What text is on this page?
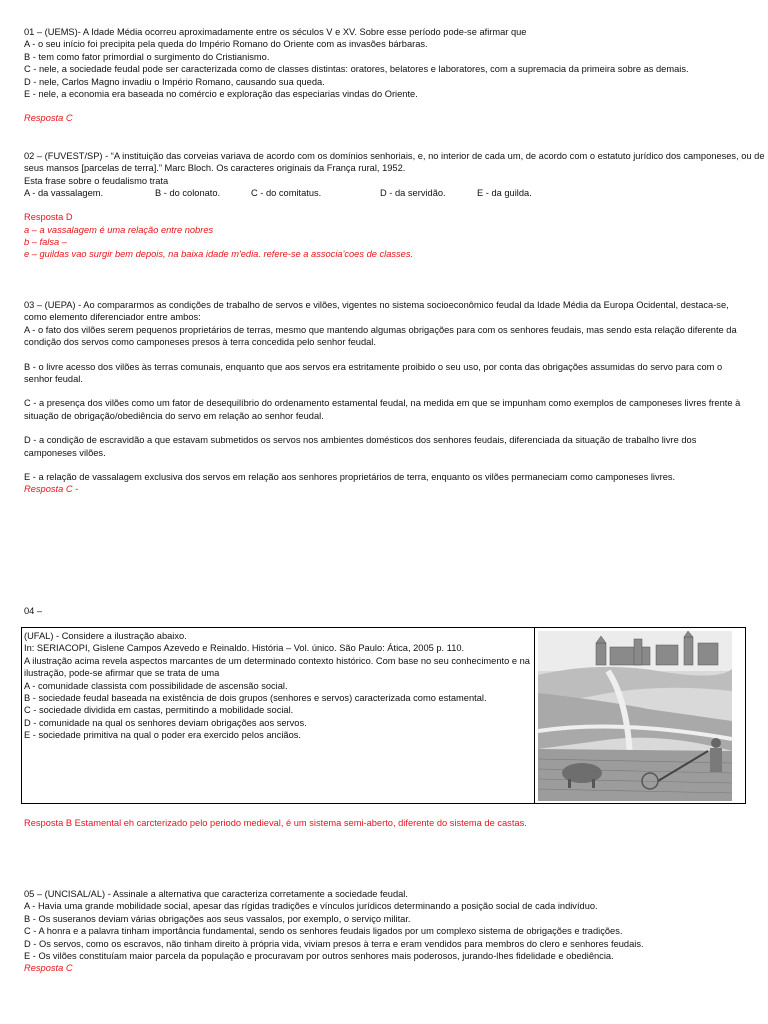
01 – (UEMS)- A Idade Média ocorreu aproximadamente entre os séculos V e XV. Sobre esse período pode-se afirmar que
A - o seu início foi precipita pela queda do Império Romano do Oriente com as invasões bárbaras.
B - tem como fator primordial o surgimento do Cristianismo.
C - nele, a sociedade feudal pode ser caracterizada como de classes distintas: oratores, belatores e laboratores, com a supremacia da primeira sobre as demais.
D - nele, Carlos Magno invadiu o Império Romano, causando sua queda.
E - nele, a economia era baseada no comércio e exploração das especiarias vindas do Oriente.
Resposta C
02 – (FUVEST/SP) - “A instituição das corveias variava de acordo com os domínios senhoriais, e, no interior de cada um, de acordo com o estatuto jurídico dos camponeses, ou de
seus mansos [parcelas de terra].” Marc Bloch. Os caracteres originais da França rural, 1952.
Esta frase sobre o feudalismo trata
A - da vassalagem.	B - do colonato.	C - do comitatus.	D - da servidão.	E - da guilda.
Resposta D
a – a vassalagem é uma relação entre nobres
b – falsa –
e – guildas vao surgir bem depois, na baixa idade m'edia. refere-se a associa'coes de classes.
03 – (UEPA) - Ao compararmos as condições de trabalho de servos e vilões, vigentes no sistema socioeconômico feudal da Idade Média da Europa Ocidental, destaca-se, como elemento diferenciador entre ambos:
A - o fato dos vilões serem pequenos proprietários de terras, mesmo que mantendo algumas obrigações para com os senhores feudais, mas sendo esta relação diferente da condição dos servos como camponeses presos à terra concedida pelo senhor feudal.
B - o livre acesso dos vilões às terras comunais, enquanto que aos servos era estritamente proibido o seu uso, por conta das obrigações assumidas do servo para com o senhor feudal.
C - a presença dos vilões como um fator de desequilíbrio do ordenamento estamental feudal, na medida em que se impunham como exemplos de camponeses livres frente à situação de obrigação/obediência do servo em relação ao senhor feudal.
D - a condição de escravidão a que estavam submetidos os servos nos ambientes domésticos dos senhores feudais, diferenciada da situação de trabalho livre dos camponeses vilões.
E - a relação de vassalagem exclusiva dos servos em relação aos senhores proprietários de terra, enquanto os vilões permaneciam como camponeses livres.
Resposta C -
04 –
(UFAL) - Considere a ilustração abaixo.
In: SERIACOPI, Gislene Campos Azevedo e Reinaldo. História – Vol. único. São Paulo: Ática, 2005 p. 110.
A ilustração acima revela aspectos marcantes de um determinado contexto histórico. Com base no seu conhecimento e na ilustração, pode-se afirmar que se trata de uma
A - comunidade classista com possibilidade de ascensão social.
B - sociedade feudal baseada na existência de dois grupos (senhores e servos) caracterizada como estamental.
C - sociedade dividida em castas, permitindo a mobilidade social.
D - comunidade na qual os senhores deviam obrigações aos servos.
E - sociedade primitiva na qual o poder era exercido pelos anciãos.
Resposta B Estamental eh carcterizado pelo periodo medieval, é um sistema semi-aberto, diferente do sistema de castas.
05 – (UNCISAL/AL) - Assinale a alternativa que caracteriza corretamente a sociedade feudal.
A - Havia uma grande mobilidade social, apesar das rígidas tradições e vínculos jurídicos determinando a posição social de cada indivíduo.
B - Os suseranos deviam várias obrigações aos seus vassalos, por exemplo, o serviço militar.
C - A honra e a palavra tinham importância fundamental, sendo os senhores feudais ligados por um complexo sistema de obrigações e tradições.
D - Os servos, como os escravos, não tinham direito à própria vida, viviam presos à terra e eram vendidos para membros do clero e senhores feudais.
E - Os vilões constituíam maior parcela da população e procuravam por outros senhores mais poderosos, jurando-lhes fidelidade e obediência.
Resposta C
